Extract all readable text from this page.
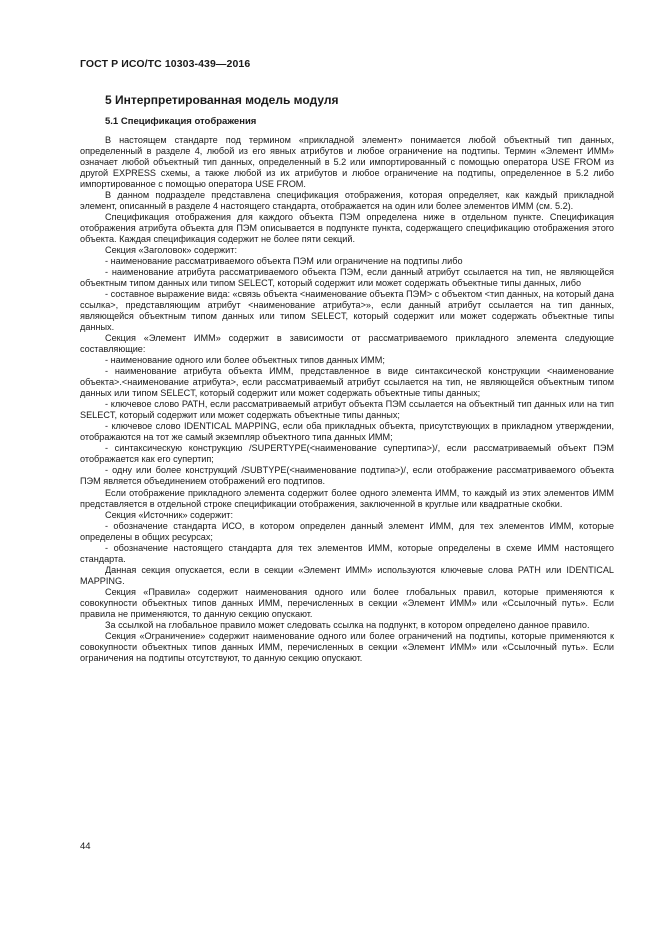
ГОСТ Р ИСО/ТС 10303-439—2016
5 Интерпретированная модель модуля
5.1 Спецификация отображения

В настоящем стандарте под термином «прикладной элемент» понимается любой объектный тип данных, определенный в разделе 4, любой из его явных атрибутов и любое ограничение на подтипы. Термин «Элемент ИММ» означает любой объектный тип данных, определенный в 5.2 или импортированный с помощью оператора USE FROM из другой EXPRESS схемы, а также любой из их атрибутов и любое ограничение на подтипы, определенное в 5.2 либо импортированное с помощью оператора USE FROM.

В данном подразделе представлена спецификация отображения, которая определяет, как каждый прикладной элемент, описанный в разделе 4 настоящего стандарта, отображается на один или более элементов ИММ (см. 5.2).

Спецификация отображения для каждого объекта ПЭМ определена ниже в отдельном пункте. Спецификация отображения атрибута объекта для ПЭМ описывается в подпункте пункта, содержащего спецификацию отображения этого объекта. Каждая спецификация содержит не более пяти секций.

Секция «Заголовок» содержит:

- наименование рассматриваемого объекта ПЭМ или ограничение на подтипы либо

- наименование атрибута рассматриваемого объекта ПЭМ, если данный атрибут ссылается на тип, не являющейся объектным типом данных или типом SELECT, который содержит или может содержать объектные типы данных, либо

- составное выражение вида: «связь объекта <наименование объекта ПЭМ> с объектом <тип данных, на который дана ссылка>, представляющим атрибут <наименование атрибута>», если данный атрибут ссылается на тип данных, являющейся объектным типом данных или типом SELECT, который содержит или может содержать объектные типы данных.

Секция «Элемент ИММ» содержит в зависимости от рассматриваемого прикладного элемента следующие составляющие:

- наименование одного или более объектных типов данных ИММ;

- наименование атрибута объекта ИММ, представленное в виде синтаксической конструкции <наименование объекта>.<наименование атрибута>, если рассматриваемый атрибут ссылается на тип, не являющейся объектным типом данных или типом SELECT, который содержит или может содержать объектные типы данных;

- ключевое слово PATH, если рассматриваемый атрибут объекта ПЭМ ссылается на объектный тип данных или на тип SELECT, который содержит или может содержать объектные типы данных;

- ключевое слово IDENTICAL MAPPING, если оба прикладных объекта, присутствующих в прикладном утверждении, отображаются на тот же самый экземпляр объектного типа данных ИММ;

- синтаксическую конструкцию /SUPERTYPE(<наименование супертипа>)/, если рассматриваемый объект ПЭМ отображается как его супертип;

- одну или более конструкций /SUBTYPE(<наименование подтипа>)/, если отображение рассматриваемого объекта ПЭМ является объединением отображений его подтипов.

Если отображение прикладного элемента содержит более одного элемента ИММ, то каждый из этих элементов ИММ представляется в отдельной строке спецификации отображения, заключенной в круглые или квадратные скобки.

Секция «Источник» содержит:

- обозначение стандарта ИСО, в котором определен данный элемент ИММ, для тех элементов ИММ, которые определены в общих ресурсах;

- обозначение настоящего стандарта для тех элементов ИММ, которые определены в схеме ИММ настоящего стандарта.

Данная секция опускается, если в секции «Элемент ИММ» используются ключевые слова PATH или IDENTICAL MAPPING.

Секция «Правила» содержит наименования одного или более глобальных правил, которые применяются к совокупности объектных типов данных ИММ, перечисленных в секции «Элемент ИММ» или «Ссылочный путь». Если правила не применяются, то данную секцию опускают.

За ссылкой на глобальное правило может следовать ссылка на подпункт, в котором определено данное правило.

Секция «Ограничение» содержит наименование одного или более ограничений на подтипы, которые применяются к совокупности объектных типов данных ИММ, перечисленных в секции «Элемент ИММ» или «Ссылочный путь». Если ограничения на подтипы отсутствуют, то данную секцию опускают.

44
